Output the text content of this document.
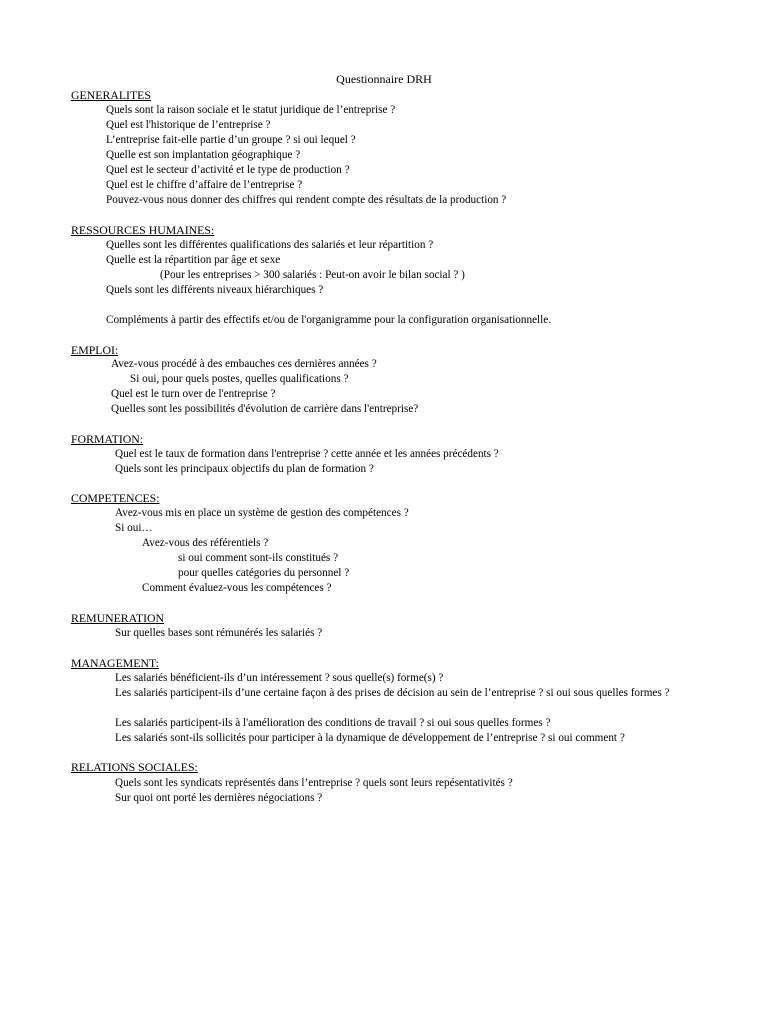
Questionnaire DRH
GENERALITES
Quels sont la raison sociale et le statut juridique de l’entreprise ?
Quel est l'historique de l’entreprise ?
L’entreprise fait-elle partie d’un groupe ? si oui lequel ?
Quelle est son implantation géographique ?
Quel est le secteur d’activité et le type de production ?
Quel est le chiffre d’affaire de l’entreprise ?
Pouvez-vous nous donner des chiffres qui rendent compte des résultats de la production ?
RESSOURCES HUMAINES:
Quelles sont les différentes qualifications des salariés et leur répartition ?
Quelle est la répartition par âge et sexe
(Pour les entreprises > 300 salariés : Peut-on avoir le bilan social ? )
Quels sont les différents niveaux hiérarchiques ?
Compléments à partir des effectifs et/ou de l'organigramme pour la configuration organisationnelle.
EMPLOI:
Avez-vous procédé à des embauches ces dernières années ?
Si oui, pour quels postes, quelles qualifications ?
Quel est le turn over de l'entreprise ?
Quelles sont les possibilités d'évolution de carrière dans l'entreprise?
FORMATION:
Quel est le taux de formation dans l'entreprise ? cette année et les années précédents ?
Quels sont les principaux objectifs du plan de formation ?
COMPETENCES:
Avez-vous mis en place un système de gestion des compétences ?
Si oui…
Avez-vous des référentiels ?
si oui comment sont-ils constitués ?
pour quelles catégories du personnel ?
Comment évaluez-vous les compétences ?
REMUNERATION
Sur quelles bases sont rémunérés les salariés ?
MANAGEMENT:
Les salariés bénéficient-ils d’un intéressement ? sous quelle(s) forme(s) ?
Les salariés participent-ils d’une certaine façon à des prises de décision au sein de l’entreprise ? si oui sous quelles formes ?
Les salariés participent-ils à l'amélioration des conditions de travail ? si oui sous quelles formes ?
Les salariés sont-ils sollicités pour participer à la dynamique de développement de l’entreprise ? si oui comment ?
RELATIONS SOCIALES:
Quels sont les syndicats représentés dans l’entreprise ? quels sont leurs repésentativités ?
Sur quoi ont porté les dernières négociations ?
